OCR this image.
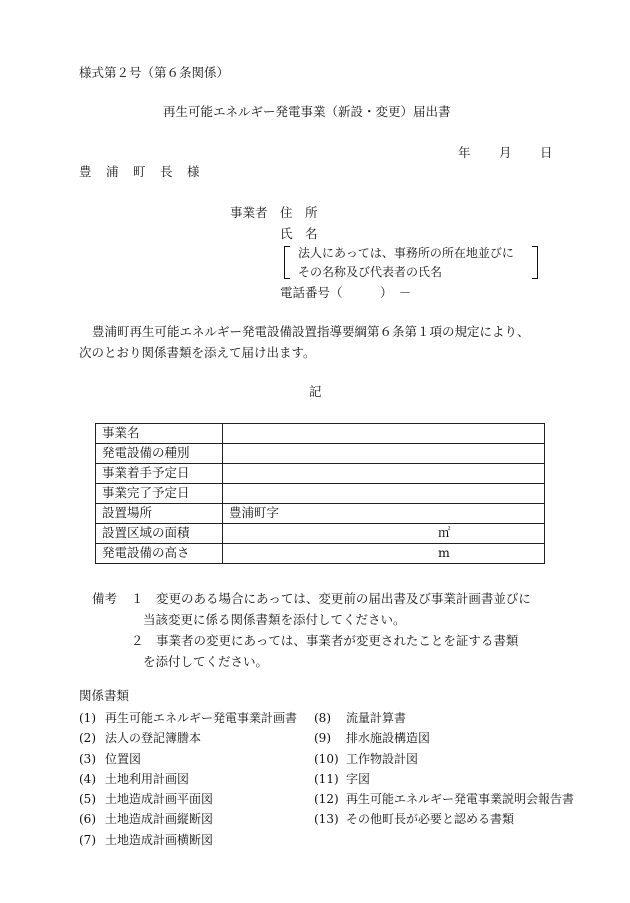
様式第２号（第６条関係）
再生可能エネルギー発電事業（新設・変更）届出書
年 月 日
豊　浦　町　長　様
事業者 住　所
氏　名
法人にあっては、事務所の所在地並びに
その名称及び代表者の氏名
電話番号（　　　）　－
豊浦町再生可能エネルギー発電設備設置指導要綱第６条第１項の規定により、
次のとおり関係書類を添えて届け出ます。
記
事業名	
発電設備の種別	
事業着手予定日	
事業完了予定日	
設置場所	豊浦町字
設置区域の面積	㎡
発電設備の高さ	m
備考 １ 変更のある場合にあっては、変更前の届出書及び事業計画書並びに
当該変更に係る関係書類を添付してください。
２ 事業者の変更にあっては、事業者が変更されたことを証する書類
を添付してください。
関係書類
(1) 再生可能エネルギー発電事業計画書
(2) 法人の登記簿謄本
(3) 位置図
(4) 土地利用計画図
(5) 土地造成計画平面図
(6) 土地造成計画縦断図
(7) 土地造成計画横断図
(8) 流量計算書
(9) 排水施設構造図
(10) 工作物設計図
(11) 字図
(12) 再生可能エネルギー発電事業説明会報告書
(13) その他町長が必要と認める書類
